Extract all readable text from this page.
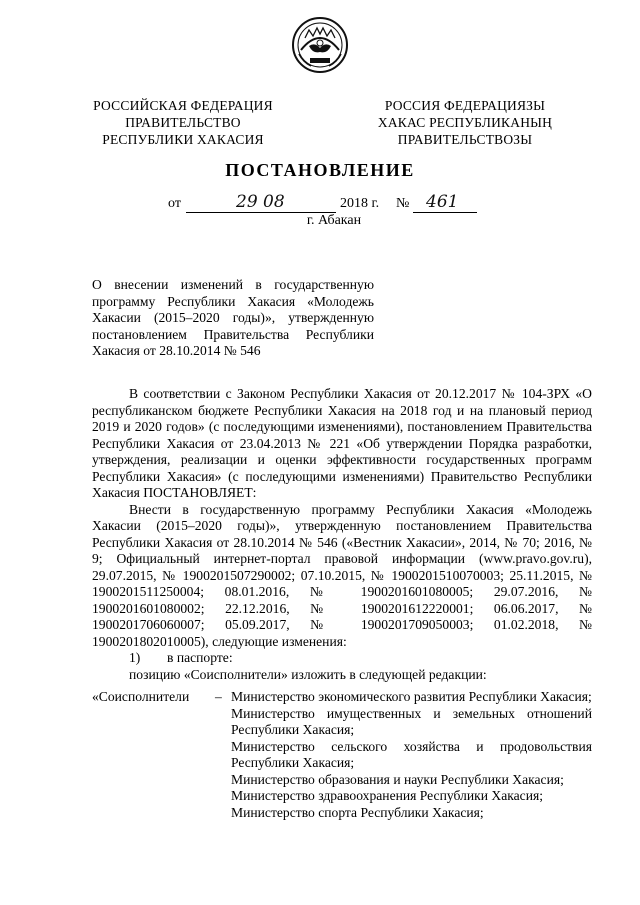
РОССИЙСКАЯ ФЕДЕРАЦИЯ
ПРАВИТЕЛЬСТВО
РЕСПУБЛИКИ ХАКАСИЯ
РОССИЯ ФЕДЕРАЦИЯЗЫ
ХАКАС РЕСПУБЛИКАНЫҢ
ПРАВИТЕЛЬСТВОЗЫ
ПОСТАНОВЛЕНИЕ
от	29 08	2018 г. № 461
г. Абакан
О внесении изменений в государственную программу Республики Хакасия «Молодежь Хакасии (2015–2020 годы)», утвержденную постановлением Правительства Республики Хакасия от 28.10.2014 № 546

В соответствии с Законом Республики Хакасия от 20.12.2017 № 104-ЗРХ «О республиканском бюджете Республики Хакасия на 2018 год и на плановый период 2019 и 2020 годов» (с последующими изменениями), постановлением Правительства Республики Хакасия от 23.04.2013 № 221 «Об утверждении Порядка разработки, утверждения, реализации и оценки эффективности государственных программ Республики Хакасия» (с последующими изменениями) Правительство Республики Хакасия ПОСТАНОВЛЯЕТ:

Внести в государственную программу Республики Хакасия «Молодежь Хакасии (2015–2020 годы)», утвержденную постановлением Правительства Республики Хакасия от 28.10.2014 № 546 («Вестник Хакасии», 2014, № 70; 2016, № 9; Официальный интернет-портал правовой информации (www.pravo.gov.ru), 29.07.2015, № 1900201507290002; 07.10.2015, № 1900201510070003; 25.11.2015, № 1900201511250004; 08.01.2016, № 1900201601080005; 29.07.2016, № 1900201601080002; 22.12.2016, № 1900201612220001; 06.06.2017, № 1900201706060007; 05.09.2017, № 1900201709050003; 01.02.2018, № 1900201802010005), следующие изменения:

1) в паспорте:

позицию «Соисполнители» изложить в следующей редакции:

«Соисполнители – Министерство экономического развития Республики Хакасия;

Министерство имущественных и земельных отношений Республики Хакасия;

Министерство сельского хозяйства и продовольствия Республики Хакасия;

Министерство образования и науки Республики Хакасия;

Министерство здравоохранения Республики Хакасия;

Министерство спорта Республики Хакасия;
